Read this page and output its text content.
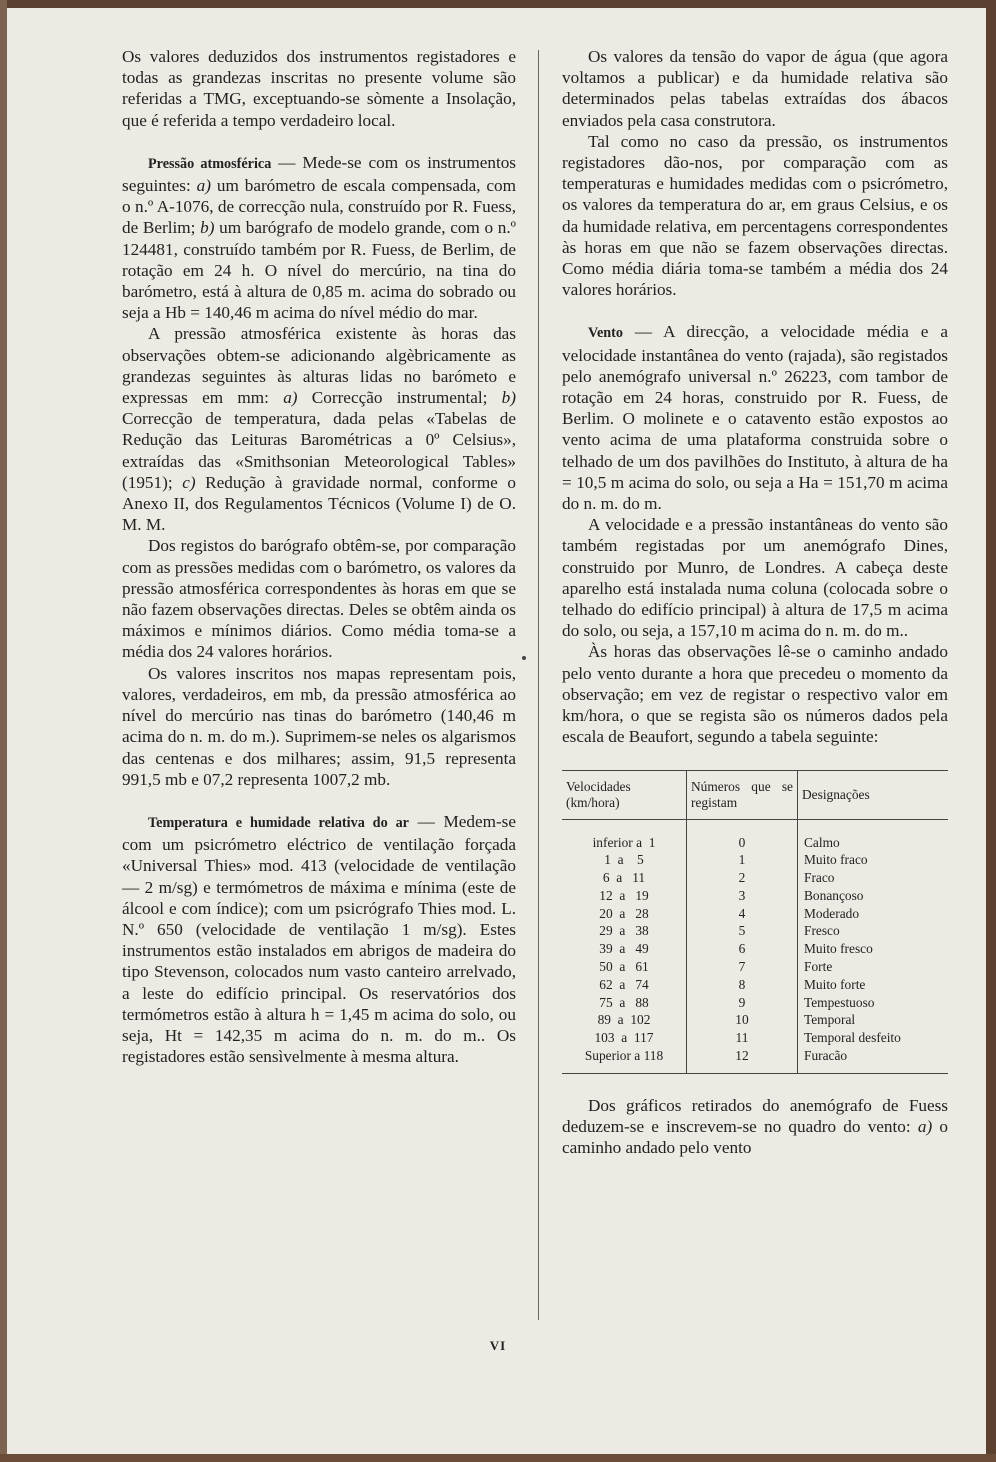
Os valores deduzidos dos instrumentos registadores e todas as grandezas inscritas no presente volume são referidas a TMG, exceptuando-se sòmente a Insolação, que é referida a tempo verdadeiro local.

Pressão atmosférica — Mede-se com os instrumentos seguintes: a) um barómetro de escala compensada, com o n.º A-1076, de correcção nula, construído por R. Fuess, de Berlim; b) um barógrafo de modelo grande, com o n.º 124481, construído também por R. Fuess, de Berlim, de rotação em 24 h. O nível do mercúrio, na tina do barómetro, está à altura de 0,85 m. acima do sobrado ou seja a Hb = 140,46 m acima do nível médio do mar.

A pressão atmosférica existente às horas das observações obtem-se adicionando algèbricamente as grandezas seguintes às alturas lidas no barómeto e expressas em mm: a) Correcção instrumental; b) Correcção de temperatura, dada pelas «Tabelas de Redução das Leituras Barométricas a 0º Celsius», extraídas das «Smithsonian Meteorological Tables» (1951); c) Redução à gravidade normal, conforme o Anexo II, dos Regulamentos Técnicos (Volume I) de O. M. M.

Dos registos do barógrafo obtêm-se, por comparação com as pressões medidas com o barómetro, os valores da pressão atmosférica correspondentes às horas em que se não fazem observações directas. Deles se obtêm ainda os máximos e mínimos diários. Como média toma-se a média dos 24 valores horários.

Os valores inscritos nos mapas representam pois, valores, verdadeiros, em mb, da pressão atmosférica ao nível do mercúrio nas tinas do barómetro (140,46 m acima do n. m. do m.). Suprimem-se neles os algarismos das centenas e dos milhares; assim, 91,5 representa 991,5 mb e 07,2 representa 1007,2 mb.

Temperatura e humidade relativa do ar — Medem-se com um psicrómetro eléctrico de ventilação forçada «Universal Thies» mod. 413 (velocidade de ventilação — 2 m/sg) e termómetros de máxima e mínima (este de álcool e com índice); com um psicrógrafo Thies mod. L. N.º 650 (velocidade de ventilação 1 m/sg). Estes instrumentos estão instalados em abrigos de madeira do tipo Stevenson, colocados num vasto canteiro arrelvado, a leste do edifício principal. Os reservatórios dos termómetros estão à altura h = 1,45 m acima do solo, ou seja, Ht = 142,35 m acima do n. m. do m.. Os registadores estão sensìvelmente à mesma altura.

Os valores da tensão do vapor de água (que agora voltamos a publicar) e da humidade relativa são determinados pelas tabelas extraídas dos ábacos enviados pela casa construtora.

Tal como no caso da pressão, os instrumentos registadores dão-nos, por comparação com as temperaturas e humidades medidas com o psicrómetro, os valores da temperatura do ar, em graus Celsius, e os da humidade relativa, em percentagens correspondentes às horas em que não se fazem observações directas. Como média diária toma-se também a média dos 24 valores horários.

Vento — A direcção, a velocidade média e a velocidade instantânea do vento (rajada), são registados pelo anemógrafo universal n.º 26223, com tambor de rotação em 24 horas, construido por R. Fuess, de Berlim. O molinete e o catavento estão expostos ao vento acima de uma plataforma construida sobre o telhado de um dos pavilhões do Instituto, à altura de ha = 10,5 m acima do solo, ou seja a Ha = 151,70 m acima do n. m. do m.

A velocidade e a pressão instantâneas do vento são também registadas por um anemógrafo Dines, construido por Munro, de Londres. A cabeça deste aparelho está instalada numa coluna (colocada sobre o telhado do edifício principal) à altura de 17,5 m acima do solo, ou seja, a 157,10 m acima do n. m. do m..

Às horas das observações lê-se o caminho andado pelo vento durante a hora que precedeu o momento da observação; em vez de registar o respectivo valor em km/hora, o que se regista são os números dados pela escala de Beaufort, segundo a tabela seguinte:

Velocidades (km/hora)	Números que se registam	Designações

inferior a  1	0	Calmo
1  a    5	1	Muito fraco
6  a   11	2	Fraco
12  a   19	3	Bonançoso
20  a   28	4	Moderado
29  a   38	5	Fresco
39  a   49	6	Muito fresco
50  a   61	7	Forte
62  a   74	8	Muito forte
75  a   88	9	Tempestuoso
89  a  102	10	Temporal
103  a  117	11	Temporal desfeito
Superior a 118	12	Furacão

Dos gráficos retirados do anemógrafo de Fuess deduzem-se e inscrevem-se no quadro do vento: a) o caminho andado pelo vento

VI
